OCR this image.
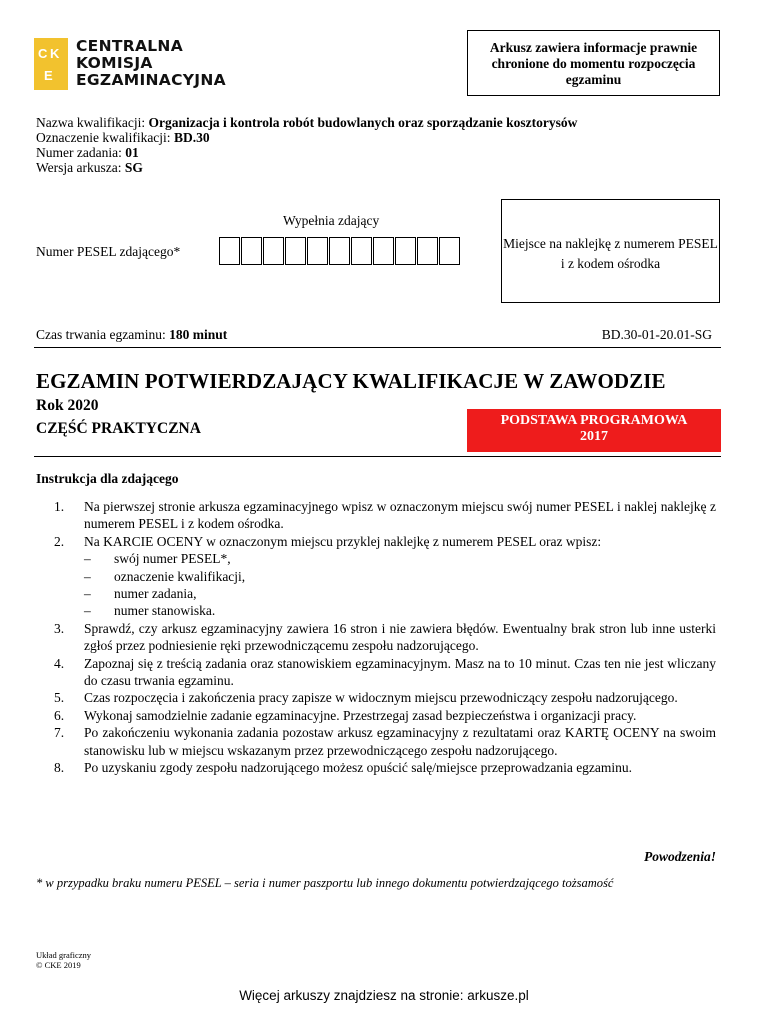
C K
E
CENTRALNA
KOMISJA
EGZAMINACYJNA
Arkusz zawiera informacje prawnie chronione do momentu rozpoczęcia egzaminu
Nazwa kwalifikacji: Organizacja i kontrola robót budowlanych oraz sporządzanie kosztorysów
Oznaczenie kwalifikacji: BD.30
Numer zadania: 01
Wersja arkusza: SG
Wypełnia zdający
Numer PESEL zdającego*
Miejsce na naklejkę z numerem PESEL i z kodem ośrodka
Czas trwania egzaminu: 180 minut	BD.30-01-20.01-SG
EGZAMIN POTWIERDZAJĄCY KWALIFIKACJE W ZAWODZIE
Rok 2020
CZĘŚĆ PRAKTYCZNA	PODSTAWA PROGRAMOWA
2017
Instrukcja dla zdającego
1.	Na pierwszej stronie arkusza egzaminacyjnego wpisz w oznaczonym miejscu swój numer PESEL i naklej naklejkę z numerem PESEL i z kodem ośrodka.
2.	Na KARCIE OCENY w oznaczonym miejscu przyklej naklejkę z numerem PESEL oraz wpisz:
–	swój numer PESEL*,
–	oznaczenie kwalifikacji,
–	numer zadania,
–	numer stanowiska.
3.	Sprawdź, czy arkusz egzaminacyjny zawiera 16 stron i nie zawiera błędów. Ewentualny brak stron lub inne usterki zgłoś przez podniesienie ręki przewodniczącemu zespołu nadzorującego.
4.	Zapoznaj się z treścią zadania oraz stanowiskiem egzaminacyjnym. Masz na to 10 minut. Czas ten nie jest wliczany do czasu trwania egzaminu.
5.	Czas rozpoczęcia i zakończenia pracy zapisze w widocznym miejscu przewodniczący zespołu nadzorującego.
6.	Wykonaj samodzielnie zadanie egzaminacyjne. Przestrzegaj zasad bezpieczeństwa i organizacji pracy.
7.	Po zakończeniu wykonania zadania pozostaw arkusz egzaminacyjny z rezultatami oraz KARTĘ OCENY na swoim stanowisku lub w miejscu wskazanym przez przewodniczącego zespołu nadzorującego.
8.	Po uzyskaniu zgody zespołu nadzorującego możesz opuścić salę/miejsce przeprowadzania egzaminu.
Powodzenia!
* w przypadku braku numeru PESEL – seria i numer paszportu lub innego dokumentu potwierdzającego tożsamość
Układ graficzny
© CKE 2019
Więcej arkuszy znajdziesz na stronie: arkusze.pl
